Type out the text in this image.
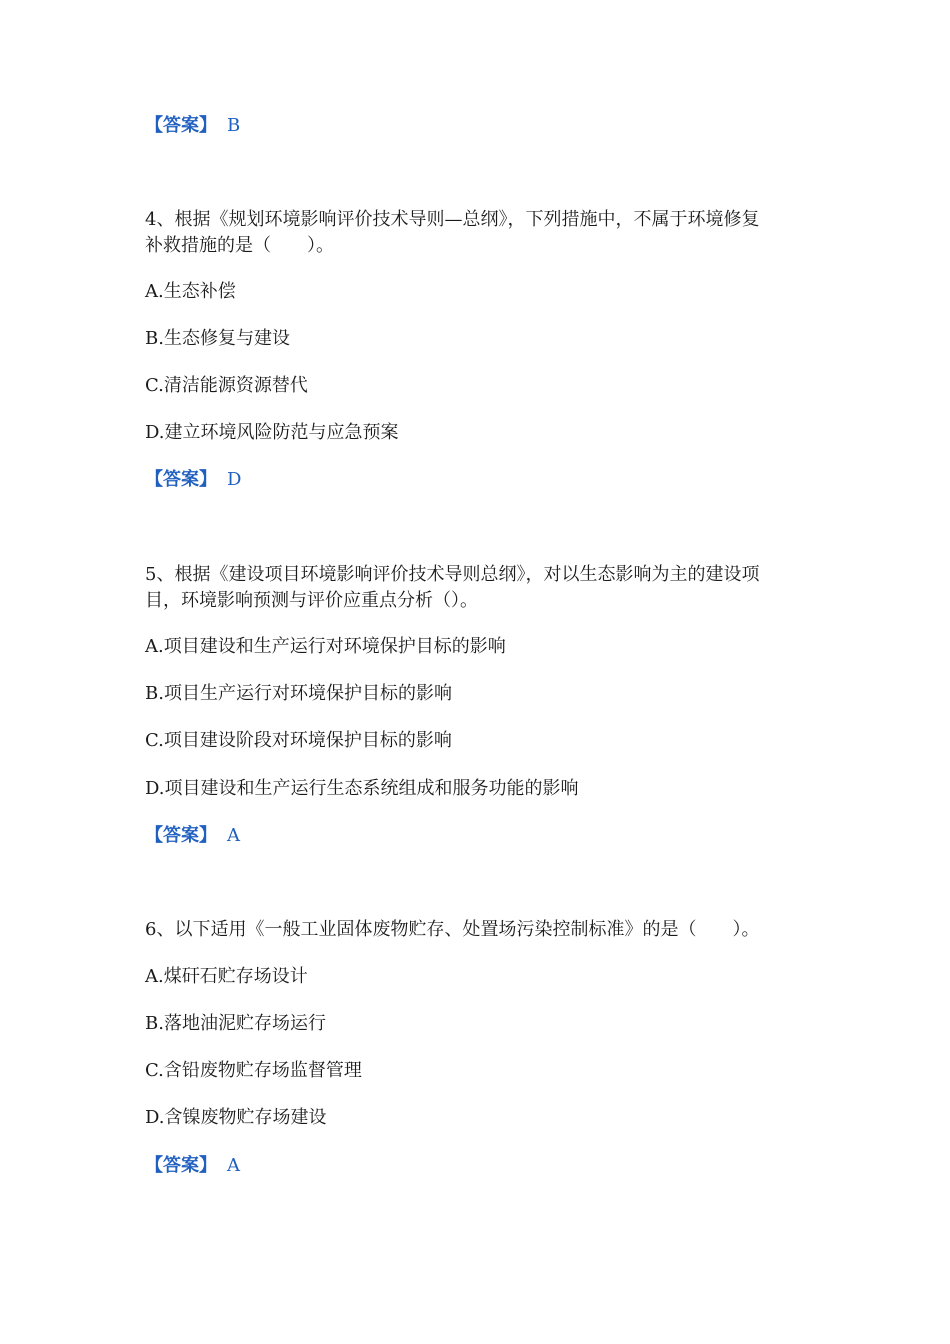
【答案】 B
4、根据《规划环境影响评价技术导则—总纲》，下列措施中，不属于环境修复
补救措施的是（　　）。
A.生态补偿
B.生态修复与建设
C.清洁能源资源替代
D.建立环境风险防范与应急预案
【答案】 D
5、根据《建设项目环境影响评价技术导则总纲》，对以生态影响为主的建设项
目，环境影响预测与评价应重点分析（）。
A.项目建设和生产运行对环境保护目标的影响
B.项目生产运行对环境保护目标的影响
C.项目建设阶段对环境保护目标的影响
D.项目建设和生产运行生态系统组成和服务功能的影响
【答案】 A
6、以下适用《一般工业固体废物贮存、处置场污染控制标准》的是（　　）。
A.煤矸石贮存场设计
B.落地油泥贮存场运行
C.含铅废物贮存场监督管理
D.含镍废物贮存场建设
【答案】 A
